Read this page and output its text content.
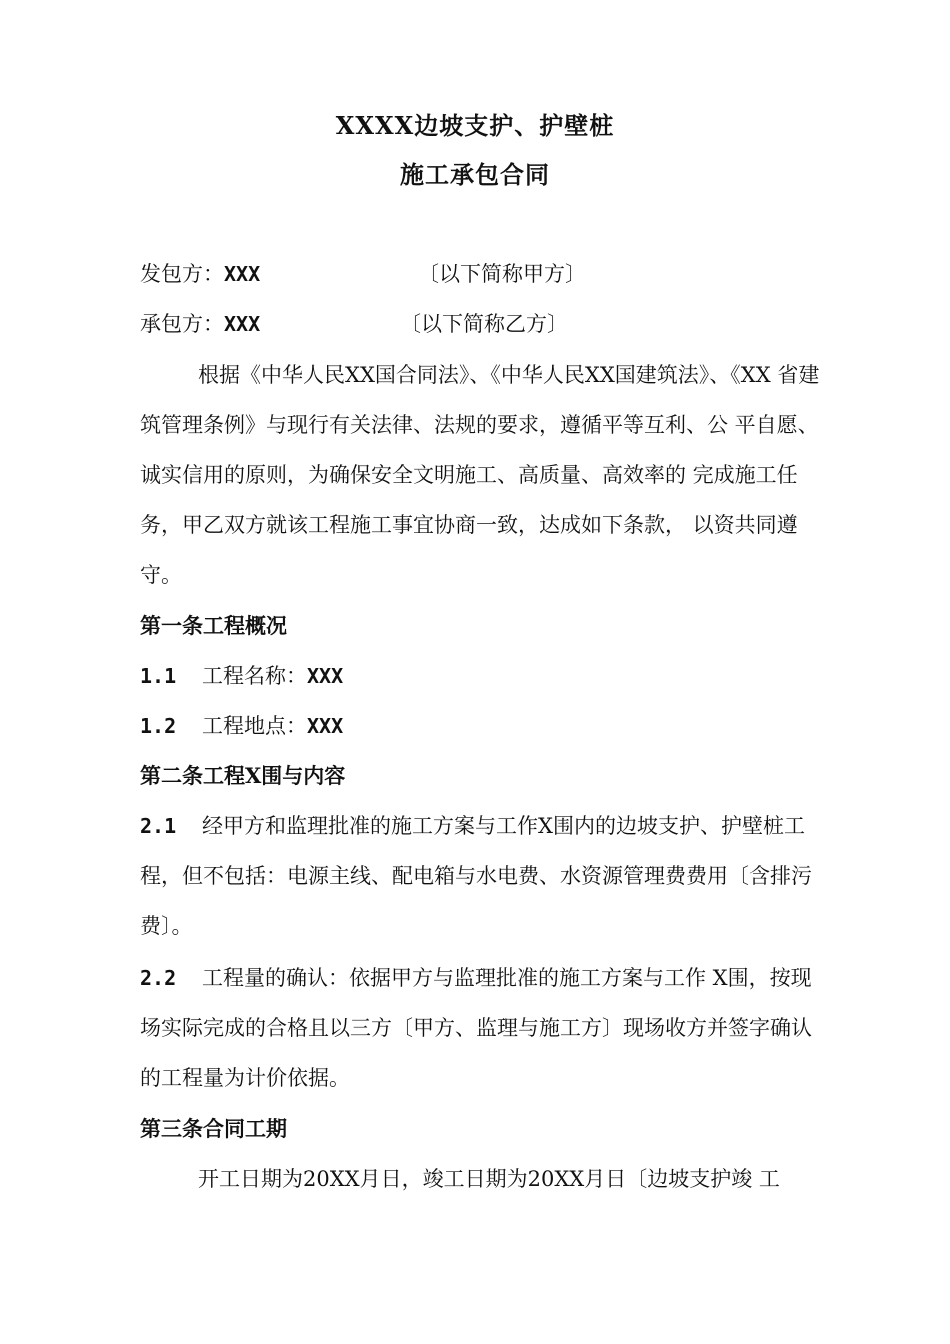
XXXX边坡支护、护壁桩
施工承包合同
发包方：XXX	〔以下简称甲方〕
承包方：XXX	〔以下简称乙方〕
根据《中华人民XX国合同法》、《中华人民XX国建筑法》、《XX 省建筑管理条例》与现行有关法律、法规的要求，遵循平等互利、公 平自愿、诚实信用的原则，为确保安全文明施工、高质量、高效率的 完成施工任务，甲乙双方就该工程施工事宜协商一致，达成如下条款， 以资共同遵守。
第一条工程概况
1.1 工程名称：XXX
1.2 工程地点：XXX
第二条工程X围与内容
2.1 经甲方和监理批准的施工方案与工作X围内的边坡支护、护壁桩工程，但不包括：电源主线、配电箱与水电费、水资源管理费费用〔含排污费〕。
2.2 工程量的确认：依据甲方与监理批准的施工方案与工作 X围，按现场实际完成的合格且以三方〔甲方、监理与施工方〕现场收方并签字确认的工程量为计价依据。
第三条合同工期
开工日期为20XX月日，竣工日期为20XX月日〔边坡支护竣 工
